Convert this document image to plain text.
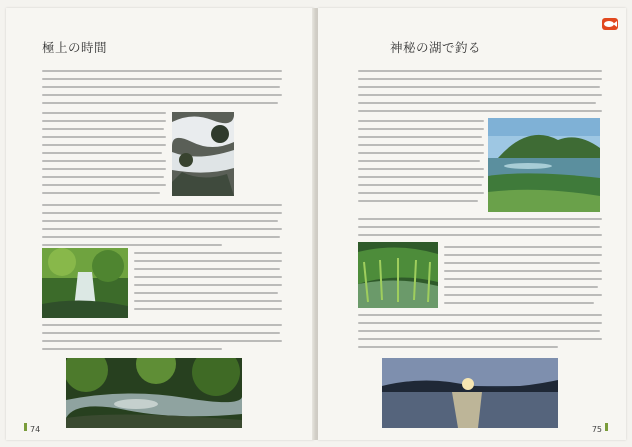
極上の時間
74
神秘の湖で釣る
75
